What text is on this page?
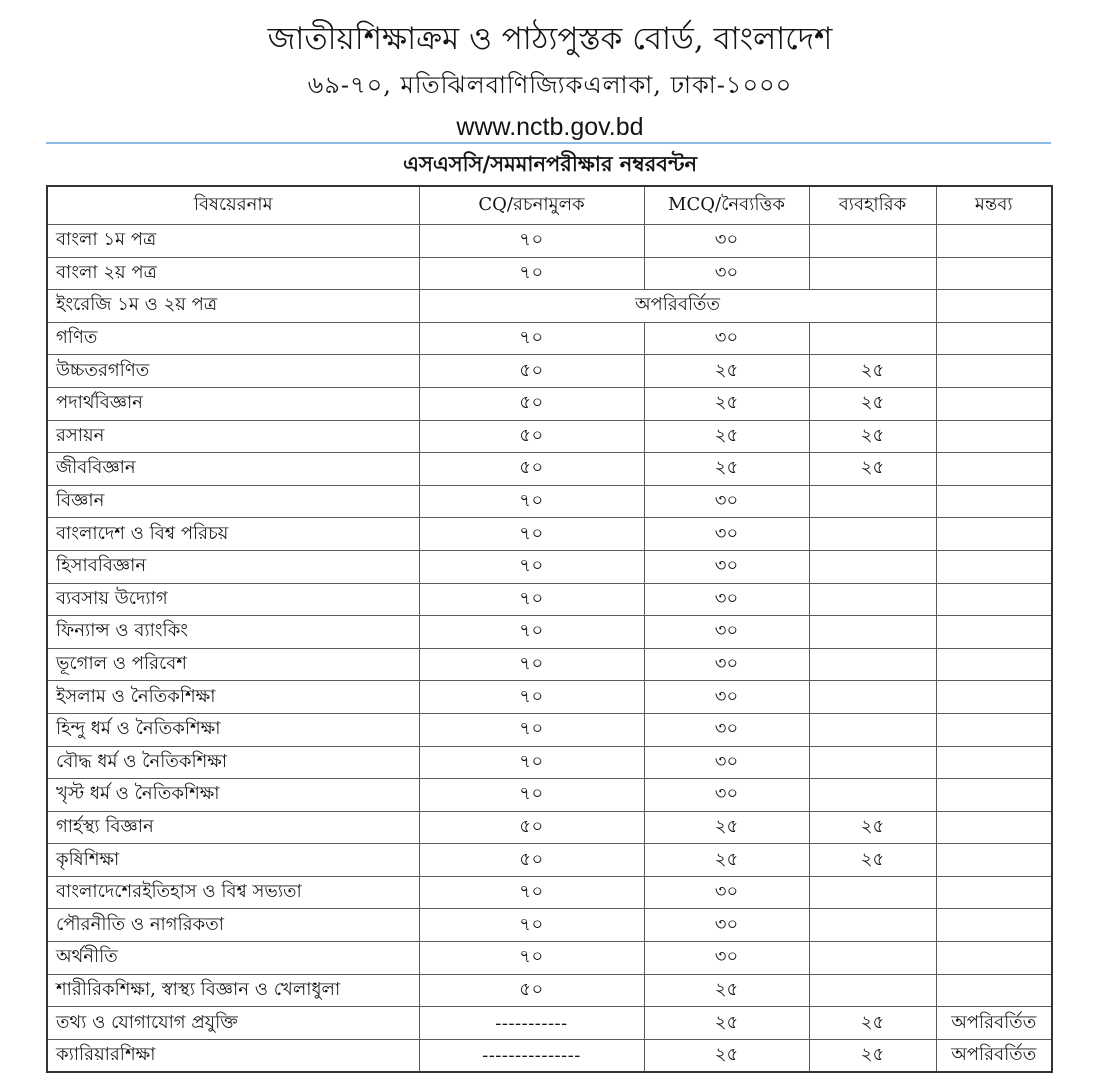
জাতীয়শিক্ষাক্রম ও পাঠ্যপুস্তক বোর্ড, বাংলাদেশ
৬৯-৭০, মতিঝিলবাণিজ্যিকএলাকা, ঢাকা-১০০০
www.nctb.gov.bd
এসএসসি/সমমানপরীক্ষার নম্বরবন্টন
বিষয়েরনাম	CQ/রচনামুলক	MCQ/নৈব্যত্তিক	ব্যবহারিক	মন্তব্য
বাংলা ১ম পত্র	৭০	৩০		
বাংলা ২য় পত্র	৭০	৩০		
ইংরেজি ১ম ও ২য় পত্র	অপরিবর্তিত			
গণিত	৭০	৩০		
উচ্চতরগণিত	৫০	২৫	২৫	
পদার্থবিজ্ঞান	৫০	২৫	২৫	
রসায়ন	৫০	২৫	২৫	
জীববিজ্ঞান	৫০	২৫	২৫	
বিজ্ঞান	৭০	৩০		
বাংলাদেশ ও বিশ্ব পরিচয়	৭০	৩০		
হিসাববিজ্ঞান	৭০	৩০		
ব্যবসায় উদ্যোগ	৭০	৩০		
ফিন্যান্স ও ব্যাংকিং	৭০	৩০		
ভূগোল ও পরিবেশ	৭০	৩০		
ইসলাম ও নৈতিকশিক্ষা	৭০	৩০		
হিন্দু ধর্ম ও নৈতিকশিক্ষা	৭০	৩০		
বৌদ্ধ ধর্ম ও নৈতিকশিক্ষা	৭০	৩০		
খৃস্ট ধর্ম ও নৈতিকশিক্ষা	৭০	৩০		
গার্হস্থ্য বিজ্ঞান	৫০	২৫	২৫	
কৃষিশিক্ষা	৫০	২৫	২৫	
বাংলাদেশেরইতিহাস ও বিশ্ব সভ্যতা	৭০	৩০		
পৌরনীতি ও নাগরিকতা	৭০	৩০		
অর্থনীতি	৭০	৩০		
শারীরিকশিক্ষা, স্বাস্থ্য বিজ্ঞান ও খেলাধুলা	৫০	২৫		
তথ্য ও যোগাযোগ প্রযুক্তি	-----------	২৫	২৫	অপরিবর্তিত
ক্যারিয়ারশিক্ষা	---------------	২৫	২৫	অপরিবর্তিত
